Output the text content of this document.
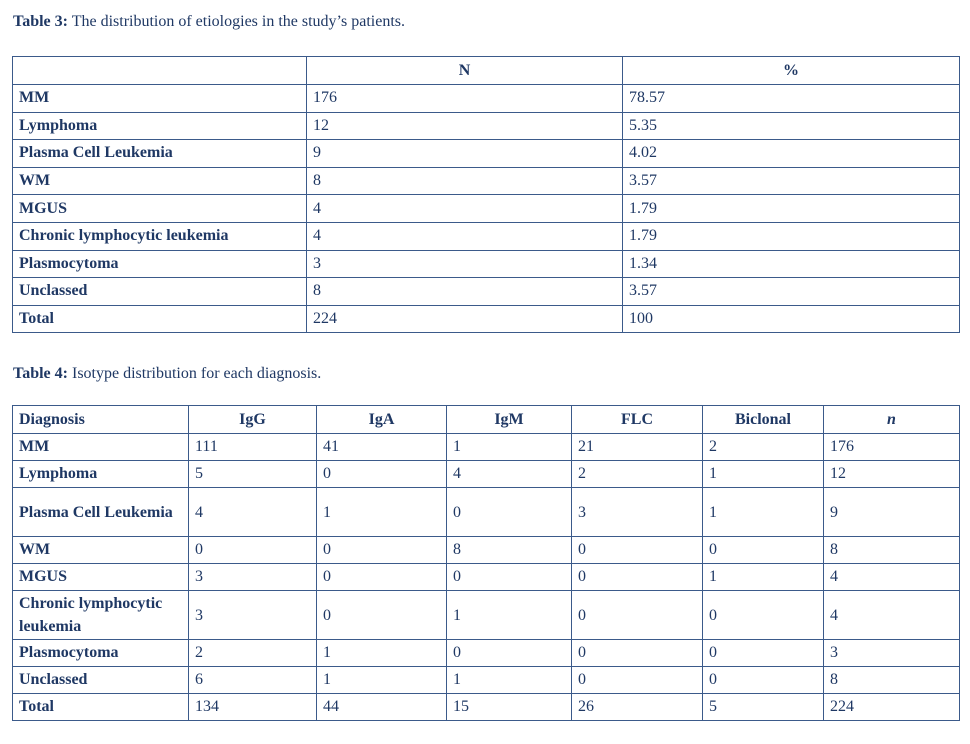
Table 3: The distribution of etiologies in the study’s patients.
	N	%
MM	176	78.57
Lymphoma	12	5.35
Plasma Cell Leukemia	9	4.02
WM	8	3.57
MGUS	4	1.79
Chronic lymphocytic leukemia	4	1.79
Plasmocytoma	3	1.34
Unclassed	8	3.57
Total	224	100
Table 4: Isotype distribution for each diagnosis.
Diagnosis	IgG	IgA	IgM	FLC	Biclonal	n
MM	111	41	1	21	2	176
Lymphoma	5	0	4	2	1	12
Plasma Cell Leukemia	4	1	0	3	1	9
WM	0	0	8	0	0	8
MGUS	3	0	0	0	1	4
Chronic lymphocytic leukemia	3	0	1	0	0	4
Plasmocytoma	2	1	0	0	0	3
Unclassed	6	1	1	0	0	8
Total	134	44	15	26	5	224
